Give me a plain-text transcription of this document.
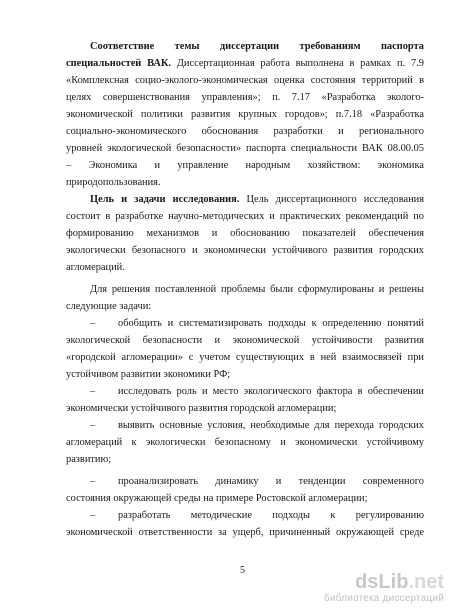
Соответствие темы диссертации требованиям паспорта
специальностей ВАК. Диссертационная работа выполнена в рамках п. 7.9
«Комплексная социо-эколого-экономическая оценка состояния территорий в
целях совершенствования управления»; п. 7.17 «Разработка эколого-
экономической политики развития крупных городов»; п.7.18 «Разработка
социально-экономического обоснования разработки и регионального
уровней экологической безопасности» паспорта специальности ВАК 08.00.05
– Экономика и управление народным хозяйством: экономика
природопользования.
Цель и задачи исследования. Цель диссертационного исследования
состоит в разработке научно-методических и практических рекомендаций по
формированию механизмов и обоснованию показателей обеспечения
экологически безопасного и экономически устойчивого развития городских
агломераций.
Для решения поставленной проблемы были сформулированы и решены
следующие задачи:
– обобщить и систематизировать подходы к определению понятий
экологической безопасности и экономической устойчивости развития
«городской агломерации» с учетом существующих в ней взаимосвязей при
устойчивом развитии экономики РФ;
– исследовать роль и место экологического фактора в обеспечении
экономически устойчивого развития городской агломерации;
– выявить основные условия, необходимые для перехода городских
агломераций к экологически безопасному и экономически устойчивому
развитию;
– проанализировать динамику и тенденции современного
состояния окружающей среды на примере Ростовской агломерации;
– разработать методические подходы к регулированию
экономической ответственности за ущерб, причиненный окружающей среде
5
dsLib.net
библиотека диссертаций
